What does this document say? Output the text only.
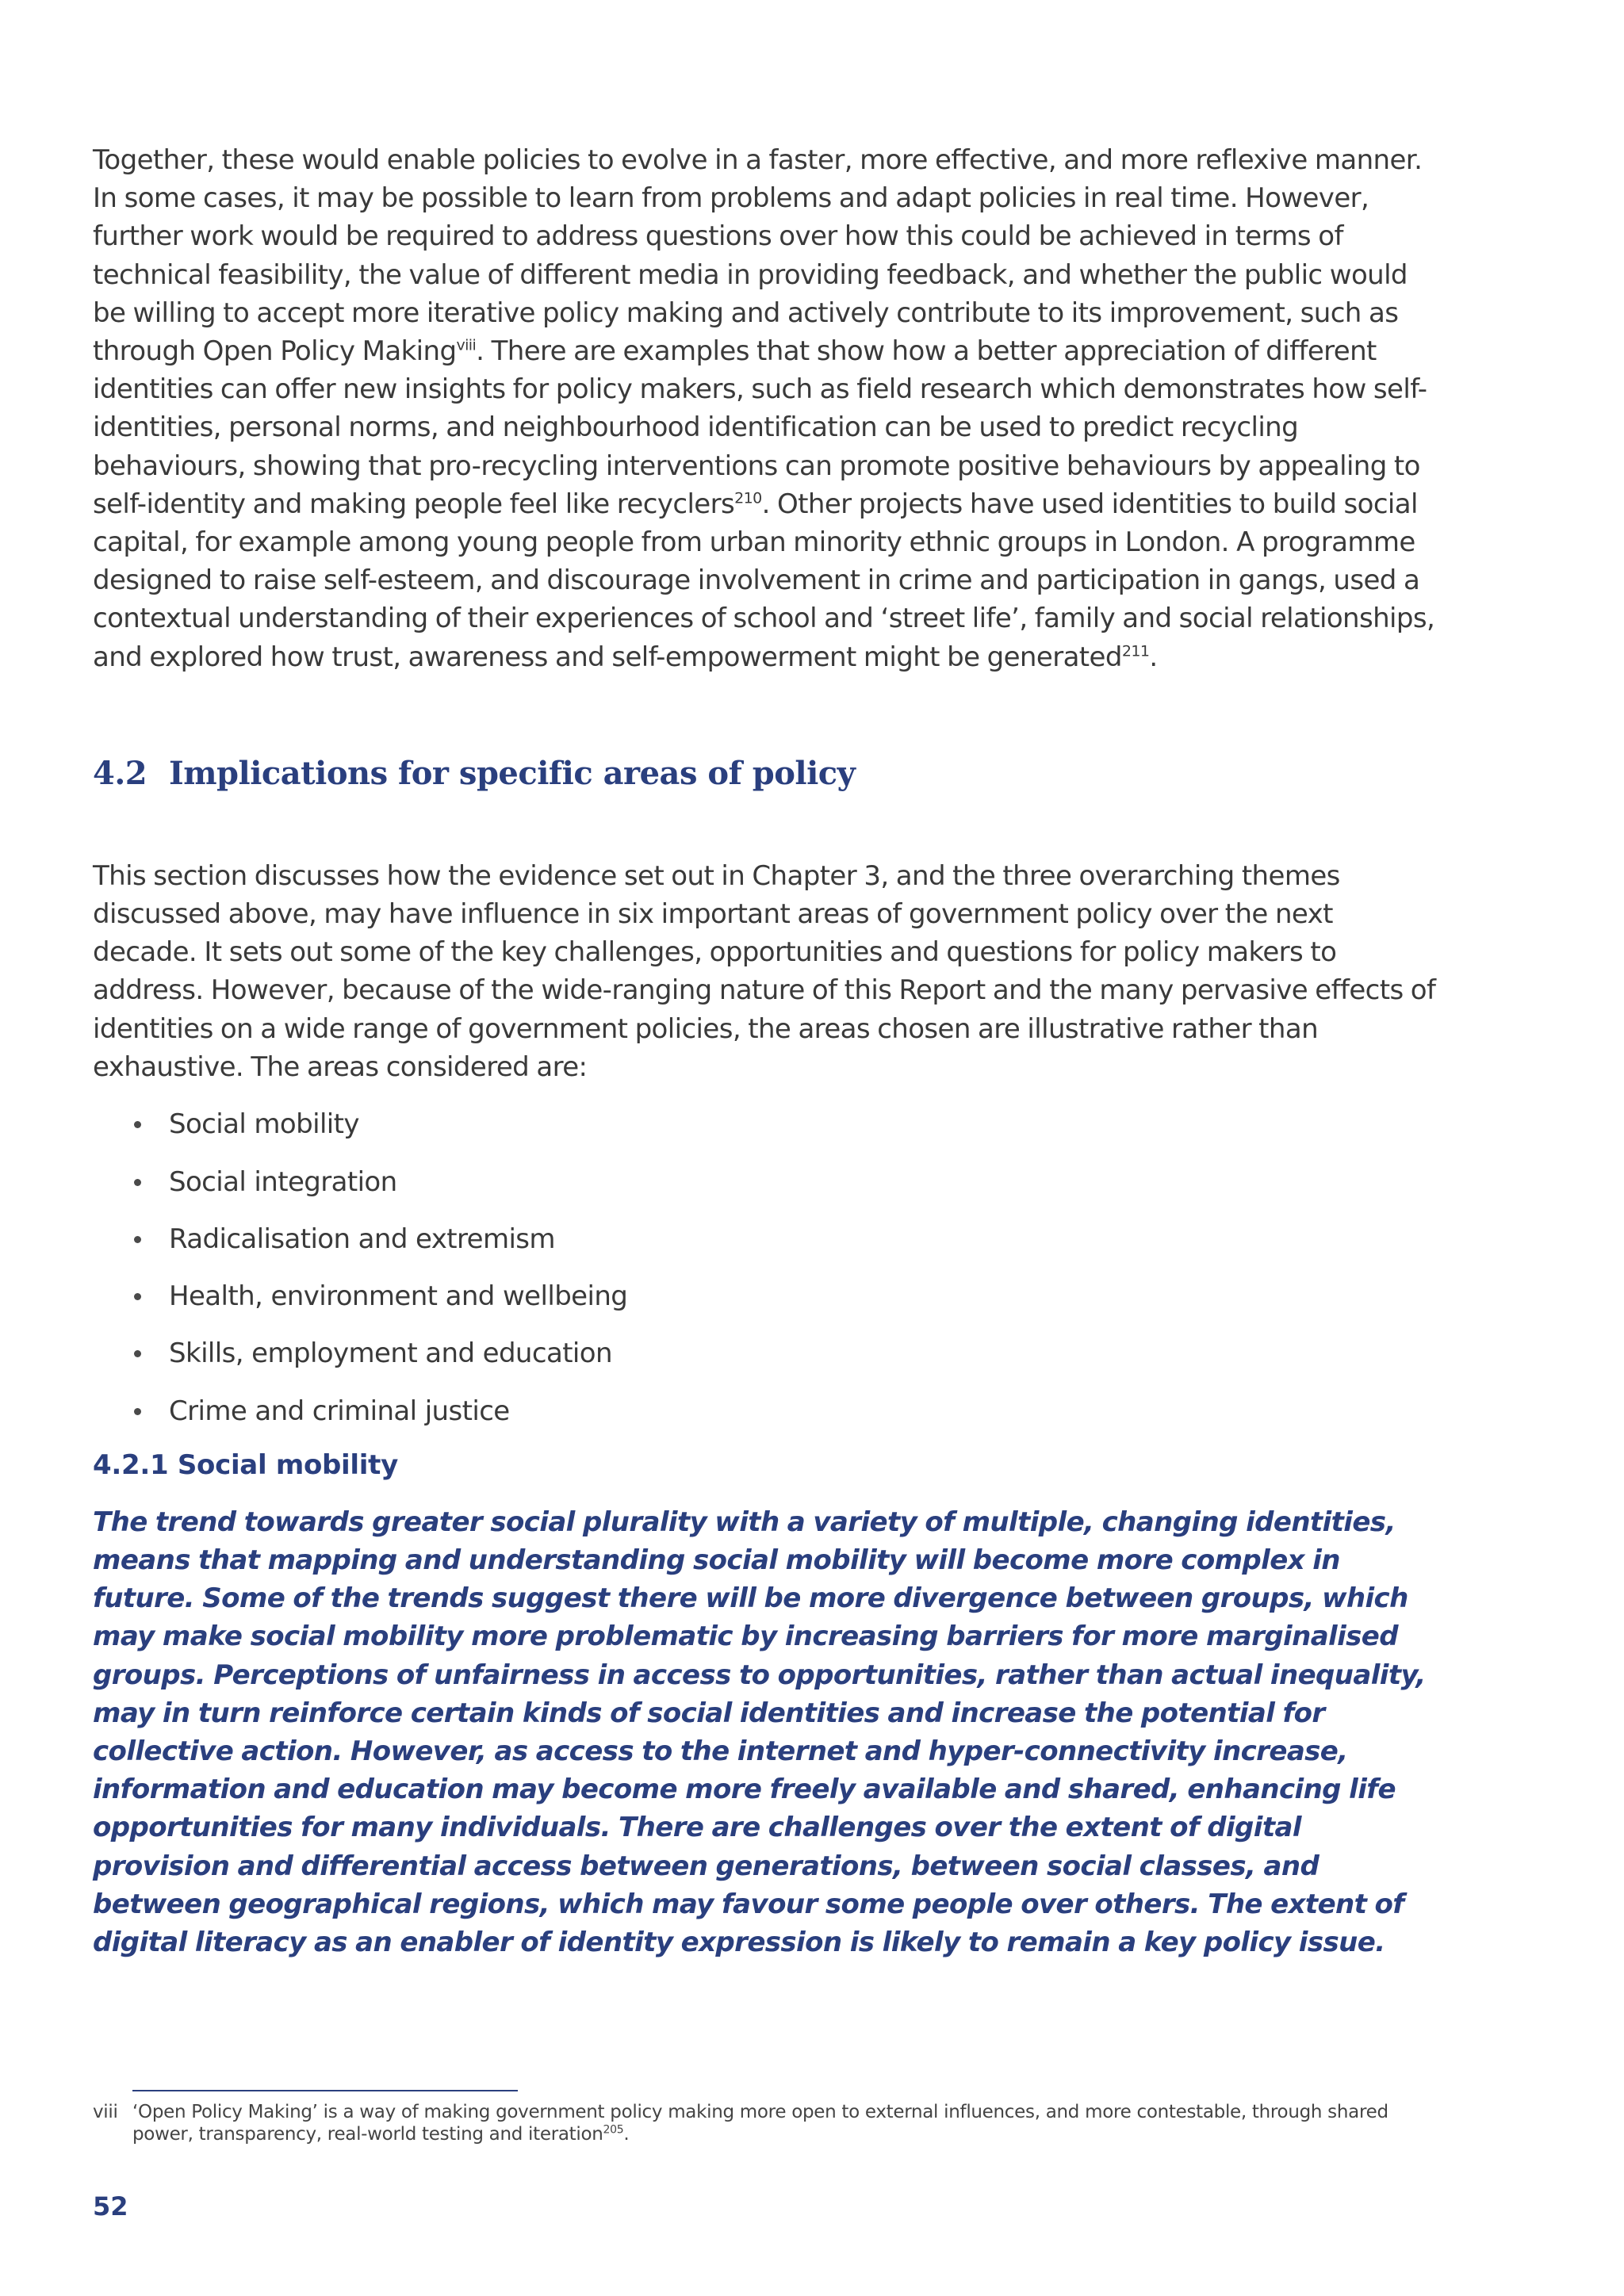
Together, these would enable policies to evolve in a faster, more effective, and more reflexive manner. In some cases, it may be possible to learn from problems and adapt policies in real time. However, further work would be required to address questions over how this could be achieved in terms of technical feasibility, the value of different media in providing feedback, and whether the public would be willing to accept more iterative policy making and actively contribute to its improvement, such as through Open Policy Making$^{viii}$. There are examples that show how a better appreciation of different identities can offer new insights for policy makers, such as field research which demonstrates how self-identities, personal norms, and neighbourhood identification can be used to predict recycling behaviours, showing that pro-recycling interventions can promote positive behaviours by appealing to self-identity and making people feel like recyclers$^{210}$. Other projects have used identities to build social capital, for example among young people from urban minority ethnic groups in London. A programme designed to raise self-esteem, and discourage involvement in crime and participation in gangs, used a contextual understanding of their experiences of school and ‘street life’, family and social relationships, and explored how trust, awareness and self-empowerment might be generated$^{211}$.

4.2 Implications for specific areas of policy

This section discusses how the evidence set out in Chapter 3, and the three overarching themes discussed above, may have influence in six important areas of government policy over the next decade. It sets out some of the key challenges, opportunities and questions for policy makers to address. However, because of the wide-ranging nature of this Report and the many pervasive effects of identities on a wide range of government policies, the areas chosen are illustrative rather than exhaustive. The areas considered are:

Social mobility
Social integration
Radicalisation and extremism
Health, environment and wellbeing
Skills, employment and education
Crime and criminal justice
4.2.1 Social mobility

The trend towards greater social plurality with a variety of multiple, changing identities, means that mapping and understanding social mobility will become more complex in future. Some of the trends suggest there will be more divergence between groups, which may make social mobility more problematic by increasing barriers for more marginalised groups. Perceptions of unfairness in access to opportunities, rather than actual inequality, may in turn reinforce certain kinds of social identities and increase the potential for collective action. However, as access to the internet and hyper-connectivity increase, information and education may become more freely available and shared, enhancing life opportunities for many individuals. There are challenges over the extent of digital provision and differential access between generations, between social classes, and between geographical regions, which may favour some people over others. The extent of digital literacy as an enabler of identity expression is likely to remain a key policy issue.

viii ‘Open Policy Making’ is a way of making government policy making more open to external influences, and more contestable, through shared power, transparency, real-world testing and iteration$^{205}$.
52
